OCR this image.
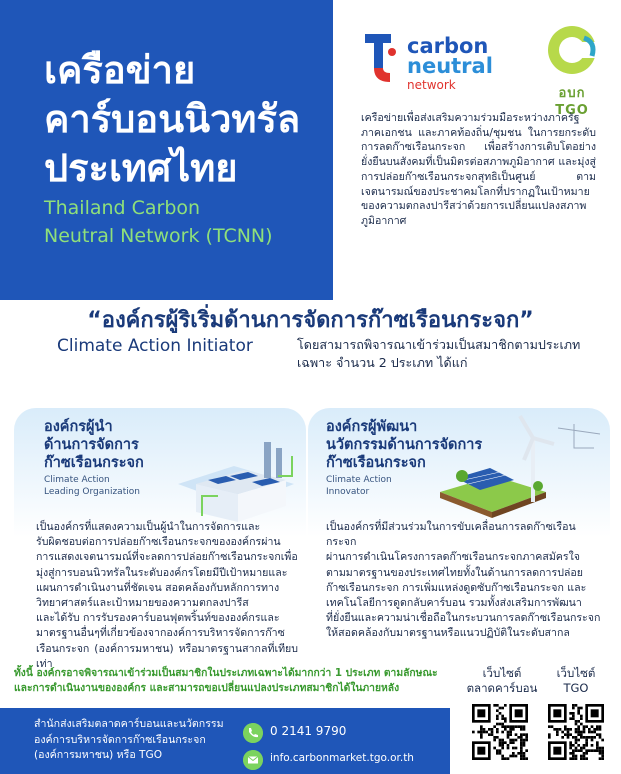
เครือข่าย
คาร์บอนนิวทรัล
ประเทศไทย
Thailand Carbon
Neutral Network (TCNN)
carbon
neutral
network
อบก TGO
เครือข่ายเพื่อส่งเสริมความร่วมมือระหว่างภาครัฐ ภาคเอกชน และภาคท้องถิ่น/ชุมชน ในการยกระดับการลดก๊าซเรือนกระจก เพื่อสร้างการเติบโตอย่างยั่งยืนบนสังคมที่เป็นมิตรต่อสภาพภูมิอากาศ และมุ่งสู่การปล่อยก๊าซเรือนกระจกสุทธิเป็นศูนย์ ตามเจตนารมณ์ของประชาคมโลกที่ปรากฏในเป้าหมายของความตกลงปารีสว่าด้วยการเปลี่ยนแปลงสภาพภูมิอากาศ
“องค์กรผู้ริเริ่มด้านการจัดการก๊าซเรือนกระจก”
Climate Action Initiator	โดยสามารถพิจารณาเข้าร่วมเป็นสมาชิกตามประเภท
เฉพาะ จำนวน 2 ประเภท ได้แก่
องค์กรผู้นำ
ด้านการจัดการ
ก๊าซเรือนกระจก
Climate Action
Leading Organization
เป็นองค์กรที่แสดงความเป็นผู้นำในการจัดการและ
รับผิดชอบต่อการปล่อยก๊าซเรือนกระจกขององค์กรผ่าน
การแสดงเจตนารมณ์ที่จะลดการปล่อยก๊าซเรือนกระจกเพื่อ
มุ่งสู่การบอนนิวทรัลในระดับองค์กรโดยมีปีเป้าหมายและ
แผนการดำเนินงานที่ชัดเจน สอดคล้องกับหลักการทาง
วิทยาศาสตร์และเป้าหมายของความตกลงปารีส
และได้รับ การรับรองคาร์บอนฟุตพริ้นท์ขององค์กรและ
มาตรฐานอื่นๆที่เกี่ยวข้องจากองค์การบริหารจัดการก๊าซ
เรือนกระจก (องค์การมหาชน) หรือมาตรฐานสากลที่เทียบเท่า
องค์กรผู้พัฒนา
นวัตกรรมด้านการจัดการ
ก๊าซเรือนกระจก
Climate Action
Innovator
เป็นองค์กรที่มีส่วนร่วมในการขับเคลื่อนการลดก๊าซเรือนกระจก
ผ่านการดำเนินโครงการลดก๊าซเรือนกระจกภาคสมัครใจ
ตามมาตรฐานของประเทศไทยทั้งในด้านการลดการปล่อย
ก๊าซเรือนกระจก การเพิ่มแหล่งดูดซับก๊าซเรือนกระจก และ
เทคโนโลยีการดูดกลับคาร์บอน รวมทั้งส่งเสริมการพัฒนา
ที่ยั่งยืนและความน่าเชื่อถือในกระบวนการลดก๊าซเรือนกระจก
ให้สอดคล้องกับมาตรฐานหรือแนวปฏิบัติในระดับสากล
ทั้งนี้ องค์กรอาจพิจารณาเข้าร่วมเป็นสมาชิกในประเภทเฉพาะได้มากกว่า 1 ประเภท ตามลักษณะ
และการดำเนินงานขององค์กร และสามารถขอเปลี่ยนแปลงประเภทสมาชิกได้ในภายหลัง
เว็บไซต์
ตลาดคาร์บอน
เว็บไซต์
TGO
สำนักส่งเสริมตลาดคาร์บอนและนวัตกรรม
องค์การบริหารจัดการก๊าซเรือนกระจก
(องค์การมหาชน) หรือ TGO
0 2141 9790
info.carbonmarket.tgo.or.th
